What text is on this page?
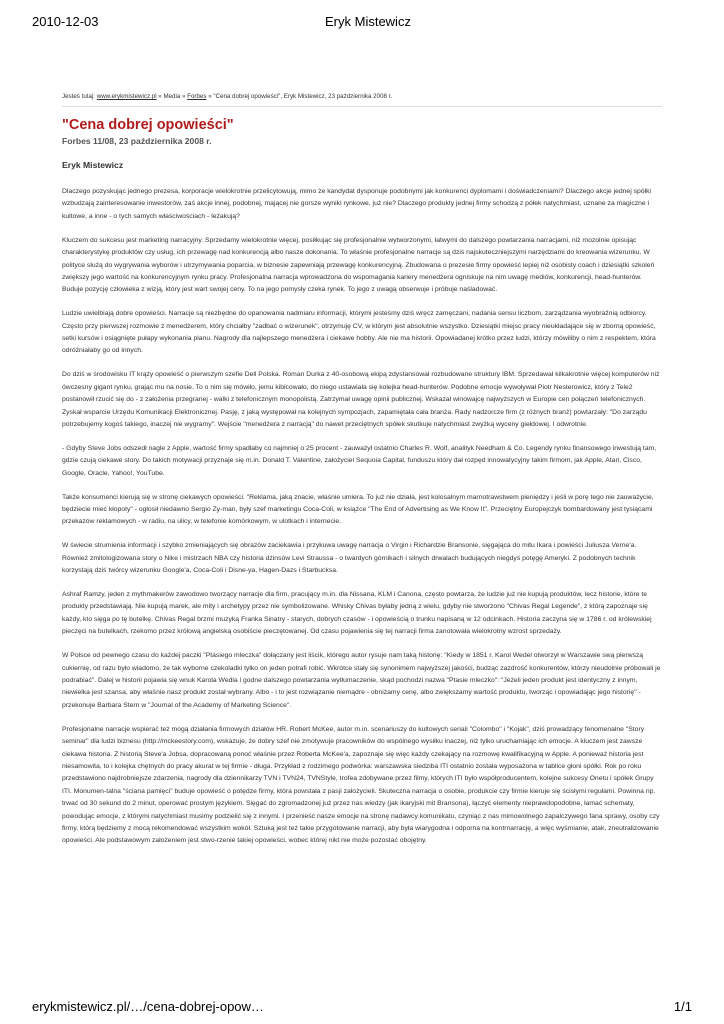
2010-12-03	Eryk Mistewicz
Jesteś tutaj: www.erykmistewicz.pl » Media » Forbes » "Cena dobrej opowieści", Eryk Mistewicz, 23 października 2008 r.
"Cena dobrej opowieści"
Forbes 11/08, 23 października 2008 r.
Eryk Mistewicz

Dlaczego pozyskując jednego prezesa, korporacje wielokrotnie przelicytowują, mimo że kandydat dysponuje podobnymi jak konkurenci dyplomami i doświadczeniami? Dlaczego akcje jednej spółki wzbudzają zainteresowanie inwestorów, zaś akcje innej, podobnej, mającej nie gorsze wyniki rynkowe, już nie? Dlaczego produkty jednej firmy schodzą z półek natychmiast, uznane za magiczne i kultowe, a inne - o tych samych właściwościach - leżakują?

Kluczem do sukcesu jest marketing narracyjny. Sprzedamy wielokrotnie więcej, posiłkując się profesjonalnie wytworzonymi, łatwymi do dalszego powtarzania narracjami, niż mozolnie opisując charakterystykę produktów czy usług, ich przewagę nad konkurencją albo nasze dokonania. To właśnie profesjonalne narracje są dziś najskuteczniejszymi narzędziami do kreowania wizerunku. W polityce służą do wygrywania wyborów i utrzymywania poparcia, w biznesie zapewniają przewagę konkurencyjną. Zbudowana o prezesie firmy opowieść lepiej niż osobisty coach i dziesiątki szkoleń zwiększy jego wartość na konkurencyjnym rynku pracy. Profesjonalna narracja wprowadzona do wspomagania kariery menedżera ogniskuje na nim uwagę mediów, konkurencji, head-hunterów. Buduje pozycję człowieka z wizją, który jest wart swojej ceny. To na jego pomysły czeka rynek. To jego z uwagą obserwuje i próbuje naśladować.

Ludzie uwielbiają dobre opowieści. Narracje są niezbędne do opanowania nadmiaru informacji, którymi jesteśmy dziś wręcz zamęczani, nadania sensu liczbom, zarządzania wyobraźnią odbiorcy. Często przy pierwszej rozmowie z menedżerem, który chciałby "zadbać o wizerunek", otrzymuję CV, w którym jest absolutnie wszystko. Dziesiątki miejsc pracy nieukładające się w zborną opowieść, setki kursów i osiągnięte pułapy wykonania planu. Nagrody dla najlepszego menedżera i ciekawe hobby. Ale nie ma historii. Opowiadanej krótko przez ludzi, którzy mówiliby o nim z respektem, która odróżniałaby go od innych.

Do dziś w środowisku IT krąży opowieść o pierwszym szefie Dell Polska. Roman Durka z 40-osobową ekipą zdystansował rozbudowane struktury IBM. Sprzedawał kilkakrotnie więcej komputerów niż ówczesny gigant rynku, grając mu na nosie. To o nim się mówiło, jemu kibicowało, do niego ustawiała się kolejka head-hunterów. Podobne emocje wywoływał Piotr Nesterowicz, który z Tele2 postanowił rzucić się do - z założenia przegranej - walki z telefonicznym monopolistą. Zatrzymał uwagę opinii publicznej. Wskazał winowajcę najwyższych w Europie cen połączeń telefonicznych. Zyskał wsparcie Urzędu Komunikacji Elektronicznej. Pasję, z jaką występował na kolejnych sympozjach, zapamiętała cała branża. Rady nadzorcze firm (z różnych branż) powtarzały: "Do zarządu potrzebujemy kogoś takiego, inaczej nie wygramy". Wejście "menedżera z narracją" do nawet przeciętnych spółek skutkuje natychmiast zwyżką wyceny giełdowej. I odwrotnie.

- Gdyby Steve Jobs odszedł nagle z Apple, wartość firmy spadłaby co najmniej o 25 procent - zauważył ostatnio Charles R. Wolf, analityk Needham & Co. Legendy rynku finansowego inwestują tam, gdzie czują ciekawe story. Do takich motywacji przyznaje się m.in. Donald T. Valentine, założyciel Sequoia Capital, funduszu który dał rozpęd innowatycyjny takim firmom, jak Apple, Atari, Cisco, Google, Oracle, Yahoo!, YouTube.

Także konsumenci kierują się w stronę ciekawych opowieści. "Reklama, jaką znacie, właśnie umiera. To już nie działa, jest kolosalnym marnotrawstwem pieniędzy i jeśli w porę tego nie zauważycie, będziecie mieć kłopoty" - ogłosił niedawno Sergio Zy-man, były szef marketingu Coca-Coli, w książce "The End of Advertising as We Know It". Przeciętny Europejczyk bombardowany jest tysiącami przekazów reklamowych - w radiu, na ulicy, w telefonie komórkowym, w ulotkach i internecie.

W świecie strumienia informacji i szybko zmieniających się obrazów zaciekawia i przykuwa uwagę narracja o Virgin i Richardzie Bransonie, sięgająca do mitu Ikara i powieści Juliusza Verne'a. Również zmitologizowana story o Nike i mistrzach NBA czy historia dżinsów Levi Straussa - o twardych górnikach i silnych drwalach budujących niegdyś potęgę Ameryki. Z podobnych technik korzystają dziś twórcy wizerunku Google'a, Coca-Coli i Disne-ya, Hagen-Dazs i Starbucksa.

Ashraf Ramzy, jeden z mythmakerów zawodowo tworzący narracje dla firm, pracujący m.in. dla Nissana, KLM i Canona, często powtarza, że ludzie już nie kupują produktów, lecz historie, które te produkty przedstawiają. Nie kupują marek, ale mity i archetypy przez nie symbolizowane. Whisky Chivas byłaby jedną z wielu, gdyby nie stworzono "Chivas Regal Legende", z którą zapoznaje się każdy, kto sięga po tę butelkę. Chivas Regal brzmi muzyką Franka Sinatry - starych, dobrych czasów - i opowieścią o trunku napisaną w 12 odcinkach. Historia zaczyna się w 1786 r. od królewskiej pieczęci na butelkach, rzekomo przez królową angielską osobiście pieczętowanej. Od czasu pojawienia się tej narracji firma zanotowała wielokrotny wzrost sprzedaży.

W Polsce od pewnego czasu do każdej paczki "Ptasiego mleczka" dołączany jest liścik, którego autor rysuje nam taką historię: "Kiedy w 1851 r. Karol Wedel otworzył w Warszawie swą pierwszą cukiernię, od razu było wiadomo, że tak wyborne czekoladki tylko on jeden potrafi robić. Wkrótce stały się synonimem najwyższej jakości, budząc zazdrość konkurentów, którzy nieudolnie próbowali je podrabiać". Dalej w historii pojawia się wnuk Karola Wedla i godne dalszego powtarzania wytłumaczenie, skąd pochodzi nazwa "Ptasie mleczko": "Jeżeli jeden produkt jest identyczny z innym, niewielka jest szansa, aby właśnie nasz produkt został wybrany. Albo - i to jest rozwiązanie niemądre - obniżamy cenę, albo zwiększamy wartość produktu, tworząc i opowiadając jego historię" - przekonuje Barbara Stern w "Journal of the Academy of Marketing Science".

Profesjonalne narracje wspierać też mogą działania firmowych działów HR. Robert McKee, autor m.in. scenariuszy do kultowych seriali "Colombo" i "Kojak", dziś prowadzący fenomenalne "Story seminar" dla ludzi biznesu (http://mckeestory.com), wskazuje, że dobry szef nie zmotywuje pracowników do wspólnego wysiłku inaczej, niż tylko uruchamiając ich emocje. A kluczem jest zawsze ciekawa historia. Z historią Steve'a Jobsa, dopracowaną ponoć właśnie przez Roberta McKee'a, zapoznaje się więc każdy czekający na rozmowę kwalifikacyjną w Apple. A ponieważ historia jest niesamowita, to i kolejka chętnych do pracy akurat w tej firmie - długa. Przykład z rodzimego podwórka: warszawska siedziba ITI ostatnio została wyposażona w tablice głoni spółki. Rok po roku przedstawiono najdrobniejsze zdarzenia, nagrody dla dziennikarzy TVN i TVN24, TVNStyle, trofea zdobywane przez filmy, których ITI było współproducentem, kolejne sukcesy Onetu i spółek Grupy ITI. Monumen-talna "ściana pamięci" buduje opowieść o potędze firmy, która powstała z pasji założycieli. Skuteczna narracja o osobie, produkcie czy firmie kieruje się ścisłymi regułami. Powinna np. trwać od 30 sekund do 2 minut, operować prostym językiem. Sięgać do zgromadzonej już przez nas wiedzy (jak ikaryjski mit Bransona), łączyć elementy nieprawdopodobne, łamać schematy, powodując emocje, z którymi natychmiast musimy podzielić się z innymi. I przenieść nasze emocje na stronę nadawcy komunikatu, czyniąc z nas mimowolnego zapalczywego fana sprawy, osoby czy firmy, którą będziemy z mocą rekomendować wszystkim wokół. Sztuką jest też takie przygotowanie narracji, aby była wiarygodna i odporna na kontrnarrację, a więc wyśmianie, atak, zneutralizowanie opowieści. Ale podstawowym założeniem jest stwo-rzenie takiej opowieści, wobec której nikt nie może pozostać obojętny.

erykmistewicz.pl/…/cena-dobrej-opow…	1/1
